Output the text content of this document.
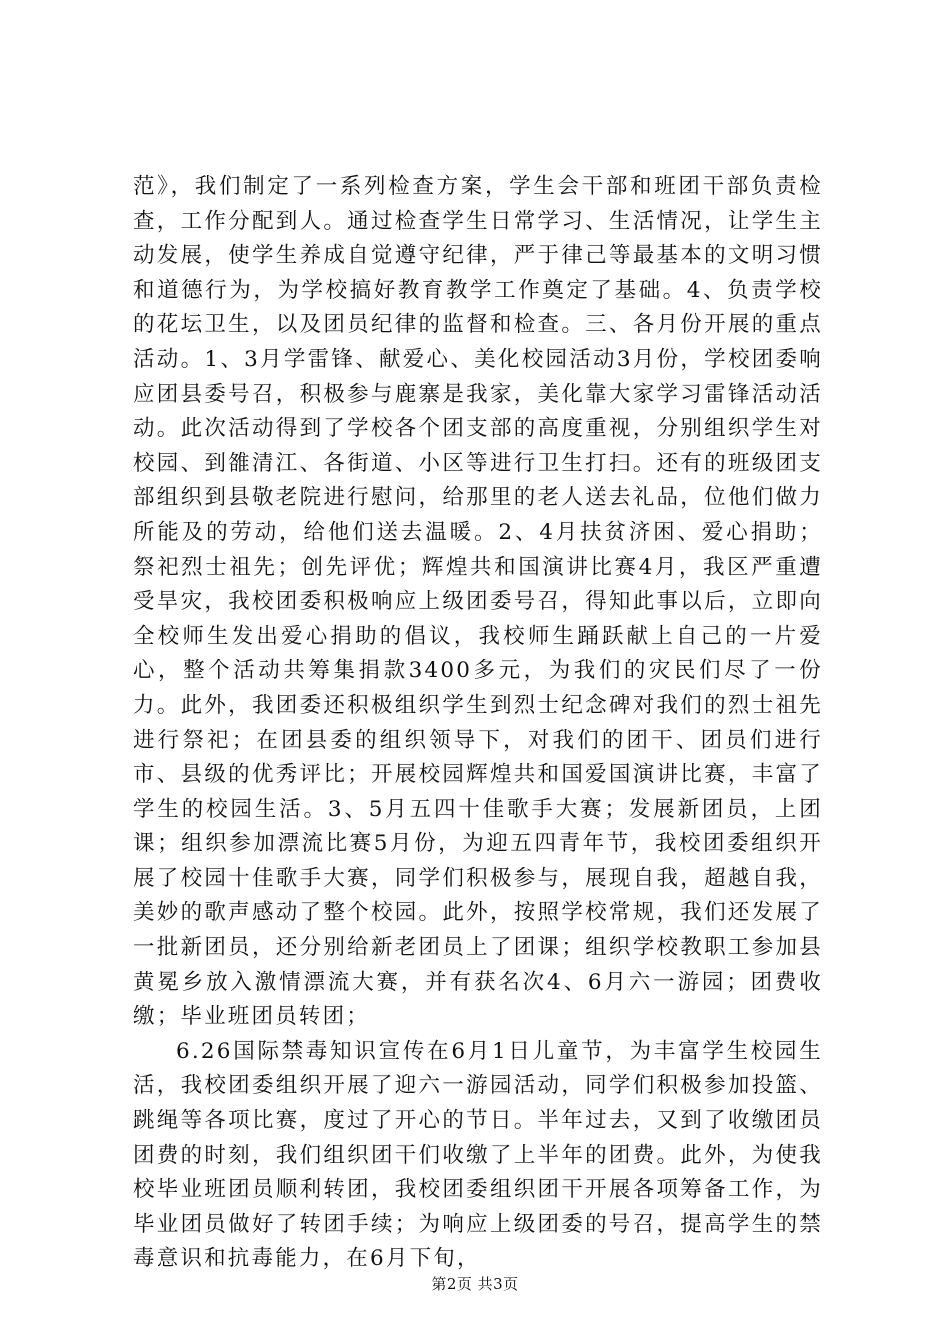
范》，我们制定了一系列检查方案，学生会干部和班团干部负责检查，工作分配到人。通过检查学生日常学习、生活情况，让学生主动发展，使学生养成自觉遵守纪律，严于律己等最基本的文明习惯和道德行为，为学校搞好教育教学工作奠定了基础。4、负责学校的花坛卫生，以及团员纪律的监督和检查。三、各月份开展的重点活动。1、3月学雷锋、献爱心、美化校园活动3月份，学校团委响应团县委号召，积极参与鹿寨是我家，美化靠大家学习雷锋活动活动。此次活动得到了学校各个团支部的高度重视，分别组织学生对校园、到雒清江、各街道、小区等进行卫生打扫。还有的班级团支部组织到县敬老院进行慰问，给那里的老人送去礼品，位他们做力所能及的劳动，给他们送去温暖。2、4月扶贫济困、爱心捐助；祭祀烈士祖先；创先评优；辉煌共和国演讲比赛4月，我区严重遭受旱灾，我校团委积极响应上级团委号召，得知此事以后，立即向全校师生发出爱心捐助的倡议，我校师生踊跃献上自己的一片爱心，整个活动共筹集捐款3400多元，为我们的灾民们尽了一份力。此外，我团委还积极组织学生到烈士纪念碑对我们的烈士祖先进行祭祀；在团县委的组织领导下，对我们的团干、团员们进行市、县级的优秀评比；开展校园辉煌共和国爱国演讲比赛，丰富了学生的校园生活。3、5月五四十佳歌手大赛；发展新团员，上团课；组织参加漂流比赛5月份，为迎五四青年节，我校团委组织开展了校园十佳歌手大赛，同学们积极参与，展现自我，超越自我，美妙的歌声感动了整个校园。此外，按照学校常规，我们还发展了一批新团员，还分别给新老团员上了团课；组织学校教职工参加县黄冕乡放入激情漂流大赛，并有获名次4、6月六一游园；团费收缴；毕业班团员转团；

6.26国际禁毒知识宣传在6月1日儿童节，为丰富学生校园生活，我校团委组织开展了迎六一游园活动，同学们积极参加投篮、跳绳等各项比赛，度过了开心的节日。半年过去，又到了收缴团员团费的时刻，我们组织团干们收缴了上半年的团费。此外，为使我校毕业班团员顺利转团，我校团委组织团干开展各项筹备工作，为毕业团员做好了转团手续；为响应上级团委的号召，提高学生的禁毒意识和抗毒能力，在6月下旬，

第2页 共3页
